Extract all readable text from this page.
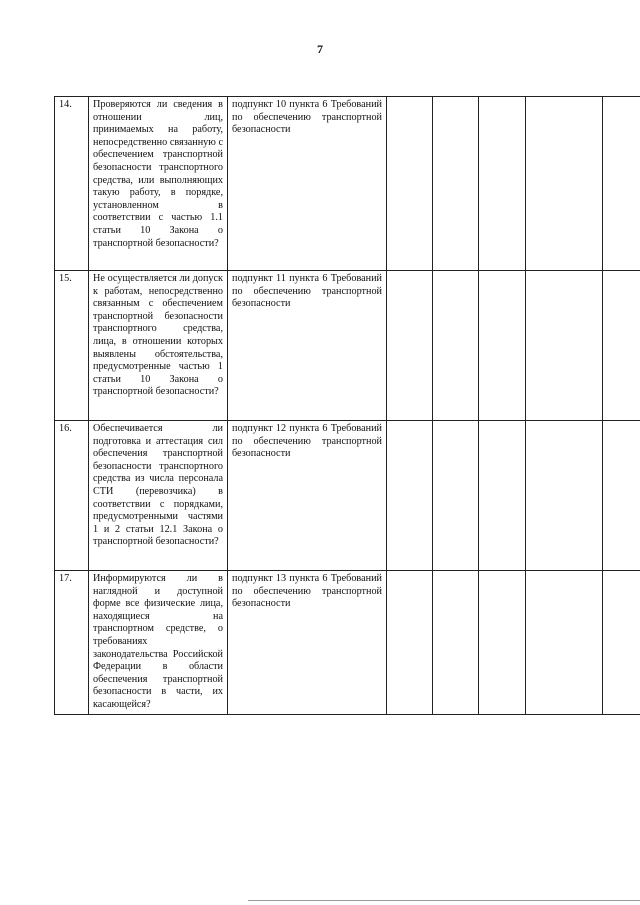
7
14.	Проверяются ли сведения в отношении лиц, принимаемых на работу, непосредственно связанную с обеспечением транспортной безопасности транспортного средства, или выполняющих такую работу, в порядке, установленном в соответствии с частью 1.1 статьи 10 Закона о транспортной безопасности?	подпункт 10 пункта 6 Требований по обеспечению транспортной безопасности					
15.	Не осуществляется ли допуск к работам, непосредственно связанным с обеспечением транспортной безопасности транспортного средства, лица, в отношении которых выявлены обстоятельства, предусмотренные частью 1 статьи 10 Закона о транспортной безопасности?	подпункт 11 пункта 6 Требований по обеспечению транспортной безопасности					
16.	Обеспечивается ли подготовка и аттестация сил обеспечения транспортной безопасности транспортного средства из числа персонала СТИ (перевозчика) в соответствии с порядками, предусмотренными частями 1 и 2 статьи 12.1 Закона о транспортной безопасности?	подпункт 12 пункта 6 Требований по обеспечению транспортной безопасности					
17.	Информируются ли в наглядной и доступной форме все физические лица, находящиеся на транспортном средстве, о требованиях законодательства Российской Федерации в области обеспечения транспортной безопасности в части, их касающейся?	подпункт 13 пункта 6 Требований по обеспечению транспортной безопасности					
